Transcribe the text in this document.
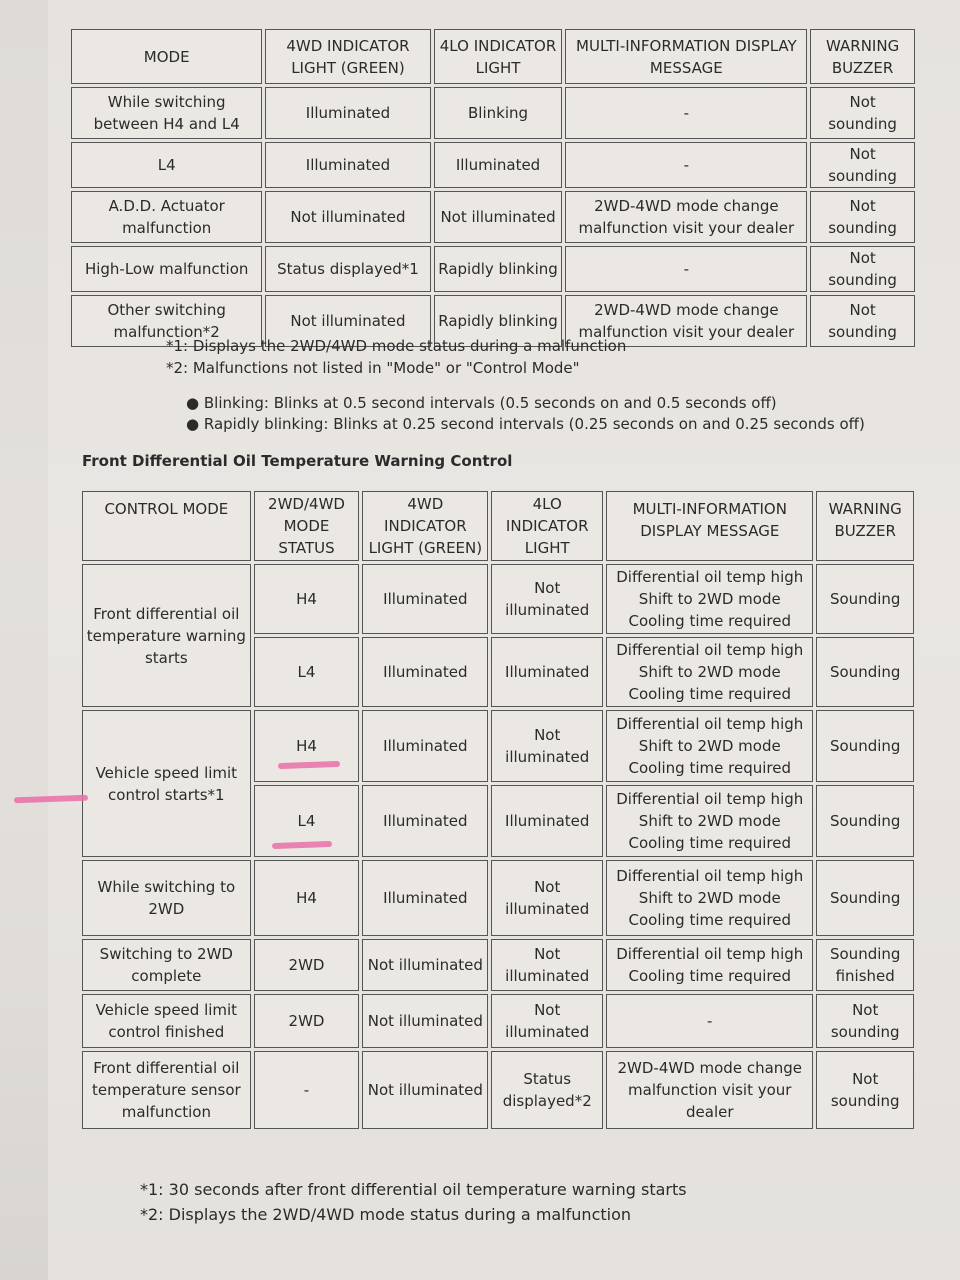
MODE	4WD INDICATOR LIGHT (GREEN)	4LO INDICATOR LIGHT	MULTI-INFORMATION DISPLAY MESSAGE	WARNING BUZZER
While switching between H4 and L4	Illuminated	Blinking	-	Not sounding
L4	Illuminated	Illuminated	-	Not sounding
A.D.D. Actuator malfunction	Not illuminated	Not illuminated	2WD-4WD mode change malfunction visit your dealer	Not sounding
High-Low malfunction	Status displayed*1	Rapidly blinking	-	Not sounding
Other switching malfunction*2	Not illuminated	Rapidly blinking	2WD-4WD mode change malfunction visit your dealer	Not sounding
*1: Displays the 2WD/4WD mode status during a malfunction
*2: Malfunctions not listed in "Mode" or "Control Mode"
● Blinking: Blinks at 0.5 second intervals (0.5 seconds on and 0.5 seconds off)
● Rapidly blinking: Blinks at 0.25 second intervals (0.25 seconds on and 0.25 seconds off)
Front Differential Oil Temperature Warning Control
CONTROL MODE	2WD/4WD MODE STATUS	4WD INDICATOR LIGHT (GREEN)	4LO INDICATOR LIGHT	MULTI-INFORMATION DISPLAY MESSAGE	WARNING BUZZER
Front differential oil temperature warning starts	H4	Illuminated	Not illuminated	Differential oil temp high Shift to 2WD mode Cooling time required	Sounding
	L4	Illuminated	Illuminated	Differential oil temp high Shift to 2WD mode Cooling time required	Sounding
Vehicle speed limit control starts*1	H4	Illuminated	Not illuminated	Differential oil temp high Shift to 2WD mode Cooling time required	Sounding
	L4	Illuminated	Illuminated	Differential oil temp high Shift to 2WD mode Cooling time required	Sounding
While switching to 2WD	H4	Illuminated	Not illuminated	Differential oil temp high Shift to 2WD mode Cooling time required	Sounding
Switching to 2WD complete	2WD	Not illuminated	Not illuminated	Differential oil temp high Cooling time required	Sounding finished
Vehicle speed limit control finished	2WD	Not illuminated	Not illuminated	-	Not sounding
Front differential oil temperature sensor malfunction	-	Not illuminated	Status displayed*2	2WD-4WD mode change malfunction visit your dealer	Not sounding
*1: 30 seconds after front differential oil temperature warning starts
*2: Displays the 2WD/4WD mode status during a malfunction
